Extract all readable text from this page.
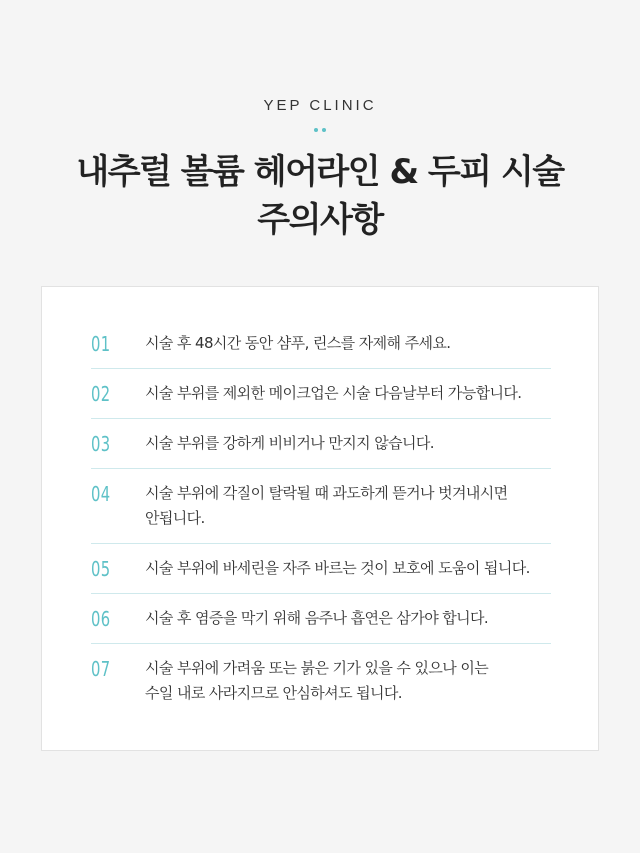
YEP CLINIC
내추럴 볼륨 헤어라인 & 두피 시술
주의사항
01	시술 후 48시간 동안 샴푸, 린스를 자제해 주세요.
02	시술 부위를 제외한 메이크업은 시술 다음날부터 가능합니다.
03	시술 부위를 강하게 비비거나 만지지 않습니다.
04	시술 부위에 각질이 탈락될 때 과도하게 뜯거나 벗겨내시면
안됩니다.
05	시술 부위에 바세린을 자주 바르는 것이 보호에 도움이 됩니다.
06	시술 후 염증을 막기 위해 음주나 흡연은 삼가야 합니다.
07	시술 부위에 가려움 또는 붉은 기가 있을 수 있으나 이는
수일 내로 사라지므로 안심하셔도 됩니다.
